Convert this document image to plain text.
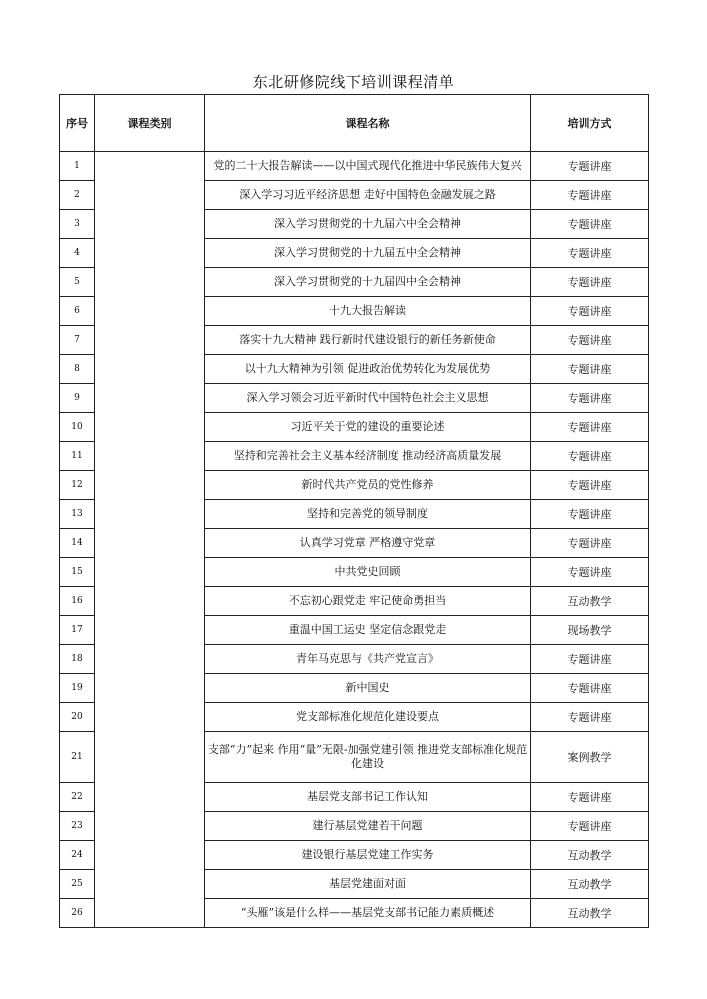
东北研修院线下培训课程清单
序号	课程类别	课程名称	培训方式
1		党的二十大报告解读——以中国式现代化推进中华民族伟大复兴	专题讲座
2		深入学习习近平经济思想 走好中国特色金融发展之路	专题讲座
3		深入学习贯彻党的十九届六中全会精神	专题讲座
4		深入学习贯彻党的十九届五中全会精神	专题讲座
5		深入学习贯彻党的十九届四中全会精神	专题讲座
6		十九大报告解读	专题讲座
7		落实十九大精神 践行新时代建设银行的新任务新使命	专题讲座
8		以十九大精神为引领 促进政治优势转化为发展优势	专题讲座
9		深入学习领会习近平新时代中国特色社会主义思想	专题讲座
10		习近平关于党的建设的重要论述	专题讲座
11		坚持和完善社会主义基本经济制度 推动经济高质量发展	专题讲座
12		新时代共产党员的党性修养	专题讲座
13		坚持和完善党的领导制度	专题讲座
14		认真学习党章 严格遵守党章	专题讲座
15		中共党史回顾	专题讲座
16		不忘初心跟党走 牢记使命勇担当	互动教学
17		重温中国工运史 坚定信念跟党走	现场教学
18		青年马克思与《共产党宣言》	专题讲座
19		新中国史	专题讲座
20		党支部标准化规范化建设要点	专题讲座
21		支部“力”起来 作用“量”无限-加强党建引领 推进党支部标准化规范化建设	案例教学
22		基层党支部书记工作认知	专题讲座
23		建行基层党建若干问题	专题讲座
24		建设银行基层党建工作实务	互动教学
25		基层党建面对面	互动教学
26		“头雁”该是什么样——基层党支部书记能力素质概述	互动教学
